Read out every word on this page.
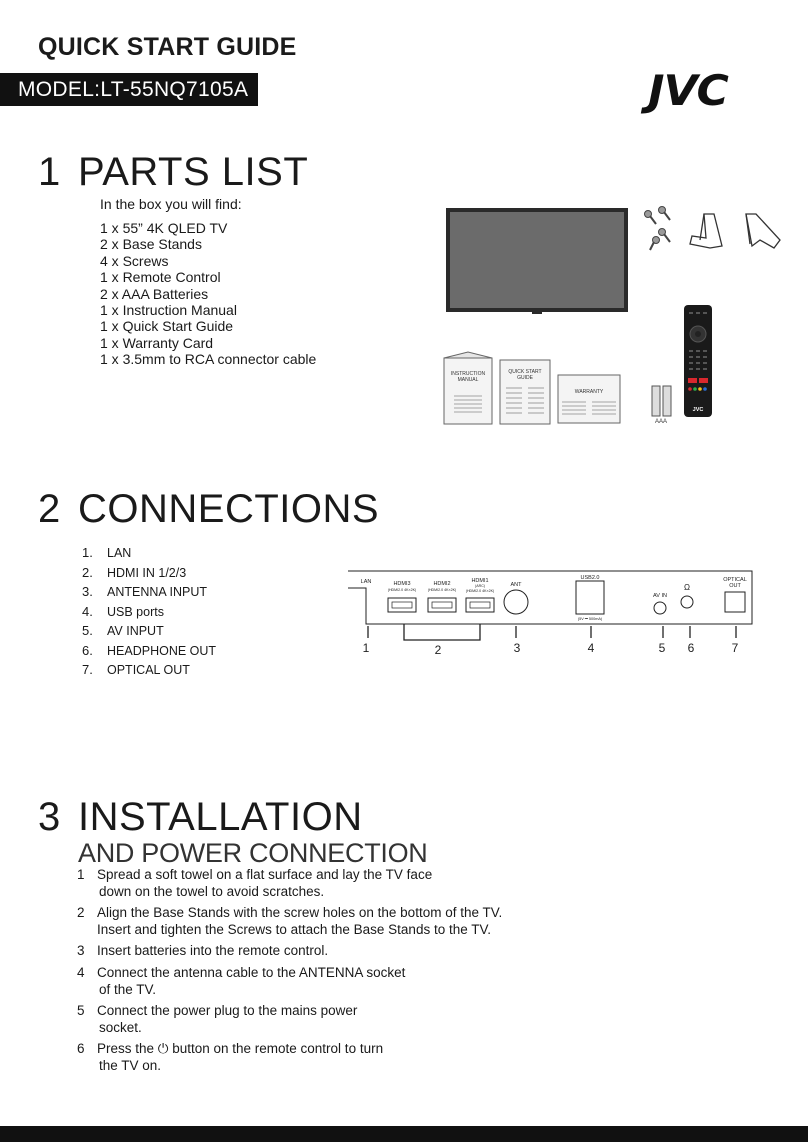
QUICK START GUIDE
MODEL:LT-55NQ7105A	JVC
1 PARTS LIST
In the box you will find:
1 x 55” 4K QLED TV
2 x Base Stands
4 x Screws
1 x Remote Control
2 x AAA Batteries
1 x Instruction Manual
1 x Quick Start Guide
1 x Warranty Card
1 x 3.5mm to RCA connector cable
INSTRUCTION
MANUAL
QUICK START
GUIDE
WARRANTY
AAA
JVC
2 CONNECTIONS
1. LAN
2. HDMI IN 1/2/3
3. ANTENNA INPUT
4. USB ports
5. AV INPUT
6. HEADPHONE OUT
7. OPTICAL OUT
LAN	HDMI3
(HDMI2.0 4K×2K)
HDMI2
(HDMI2.0 4K×2K)
HDMI1
(ARC)
(HDMI2.0 4K×2K)
ANT
USB2.0
(5V ⎓ 500mA)
AV IN
Ω
OPTICAL
OUT
1	2	3	4	5 6	7
3 INSTALLATION
AND POWER CONNECTION
1 Spread a soft towel on a flat surface and lay the TV face
down on the towel to avoid scratches.
2 Align the Base Stands with the screw holes on the bottom of the TV.
Insert and tighten the Screws to attach the Base Stands to the TV.
3 Insert batteries into the remote control.
4 Connect the antenna cable to the ANTENNA socket
of the TV.
5 Connect the power plug to the mains power
socket.
6 Press the ⏻ button on the remote control to turn
the TV on.
